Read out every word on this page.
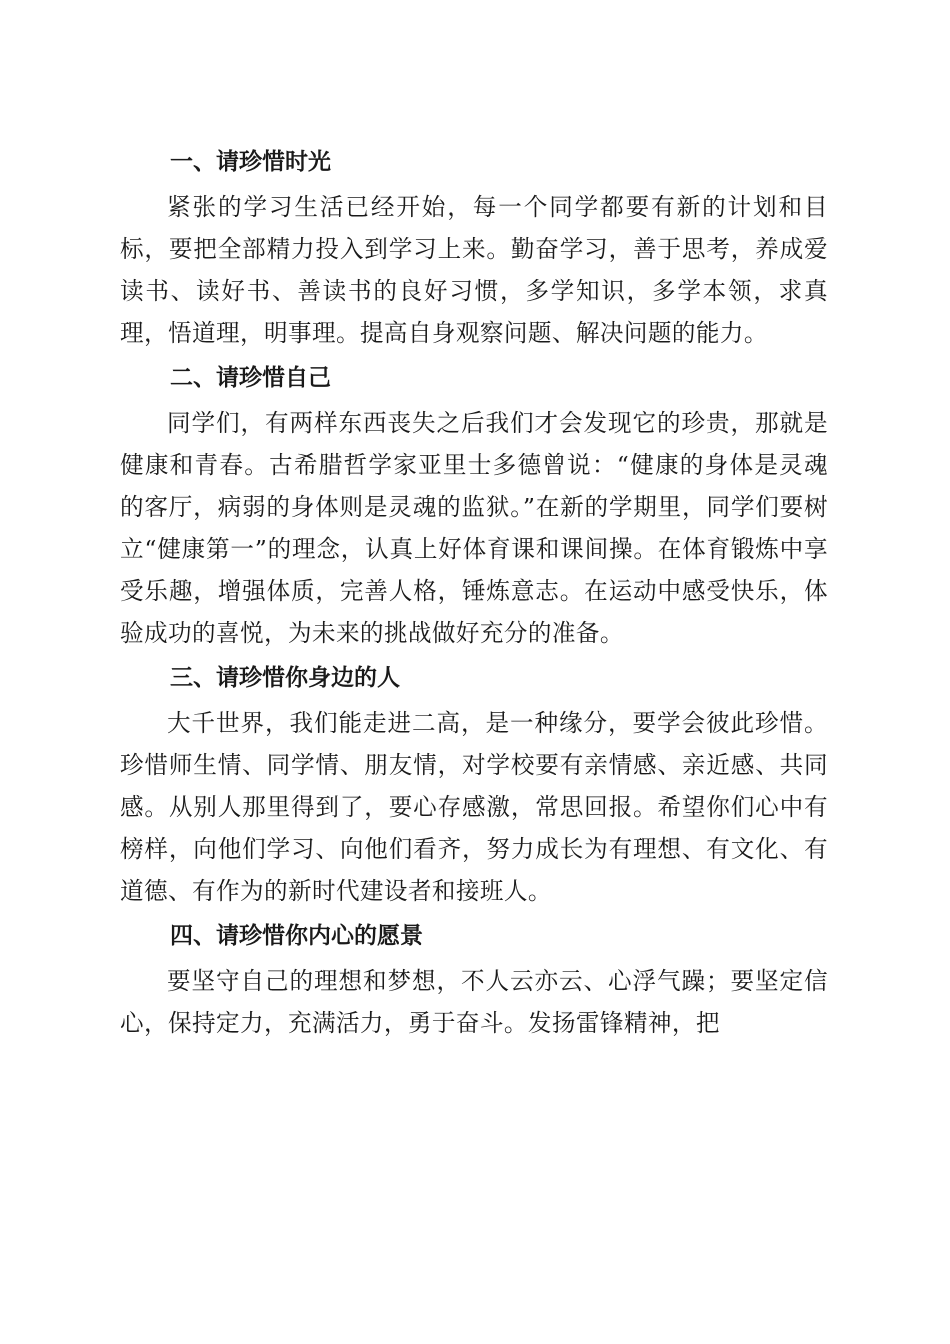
一、请珍惜时光

紧张的学习生活已经开始，每一个同学都要有新的计划和目标，要把全部精力投入到学习上来。勤奋学习，善于思考，养成爱读书、读好书、善读书的良好习惯，多学知识，多学本领，求真理，悟道理，明事理。提高自身观察问题、解决问题的能力。

二、请珍惜自己

同学们，有两样东西丧失之后我们才会发现它的珍贵，那就是健康和青春。古希腊哲学家亚里士多德曾说：“健康的身体是灵魂的客厅，病弱的身体则是灵魂的监狱。”在新的学期里，同学们要树立“健康第一”的理念，认真上好体育课和课间操。在体育锻炼中享受乐趣，增强体质，完善人格，锤炼意志。在运动中感受快乐，体验成功的喜悦，为未来的挑战做好充分的准备。

三、请珍惜你身边的人

大千世界，我们能走进二高，是一种缘分，要学会彼此珍惜。珍惜师生情、同学情、朋友情，对学校要有亲情感、亲近感、共同感。从别人那里得到了，要心存感激，常思回报。希望你们心中有榜样，向他们学习、向他们看齐，努力成长为有理想、有文化、有道德、有作为的新时代建设者和接班人。

四、请珍惜你内心的愿景

要坚守自己的理想和梦想，不人云亦云、心浮气躁；要坚定信心，保持定力，充满活力，勇于奋斗。发扬雷锋精神，把
